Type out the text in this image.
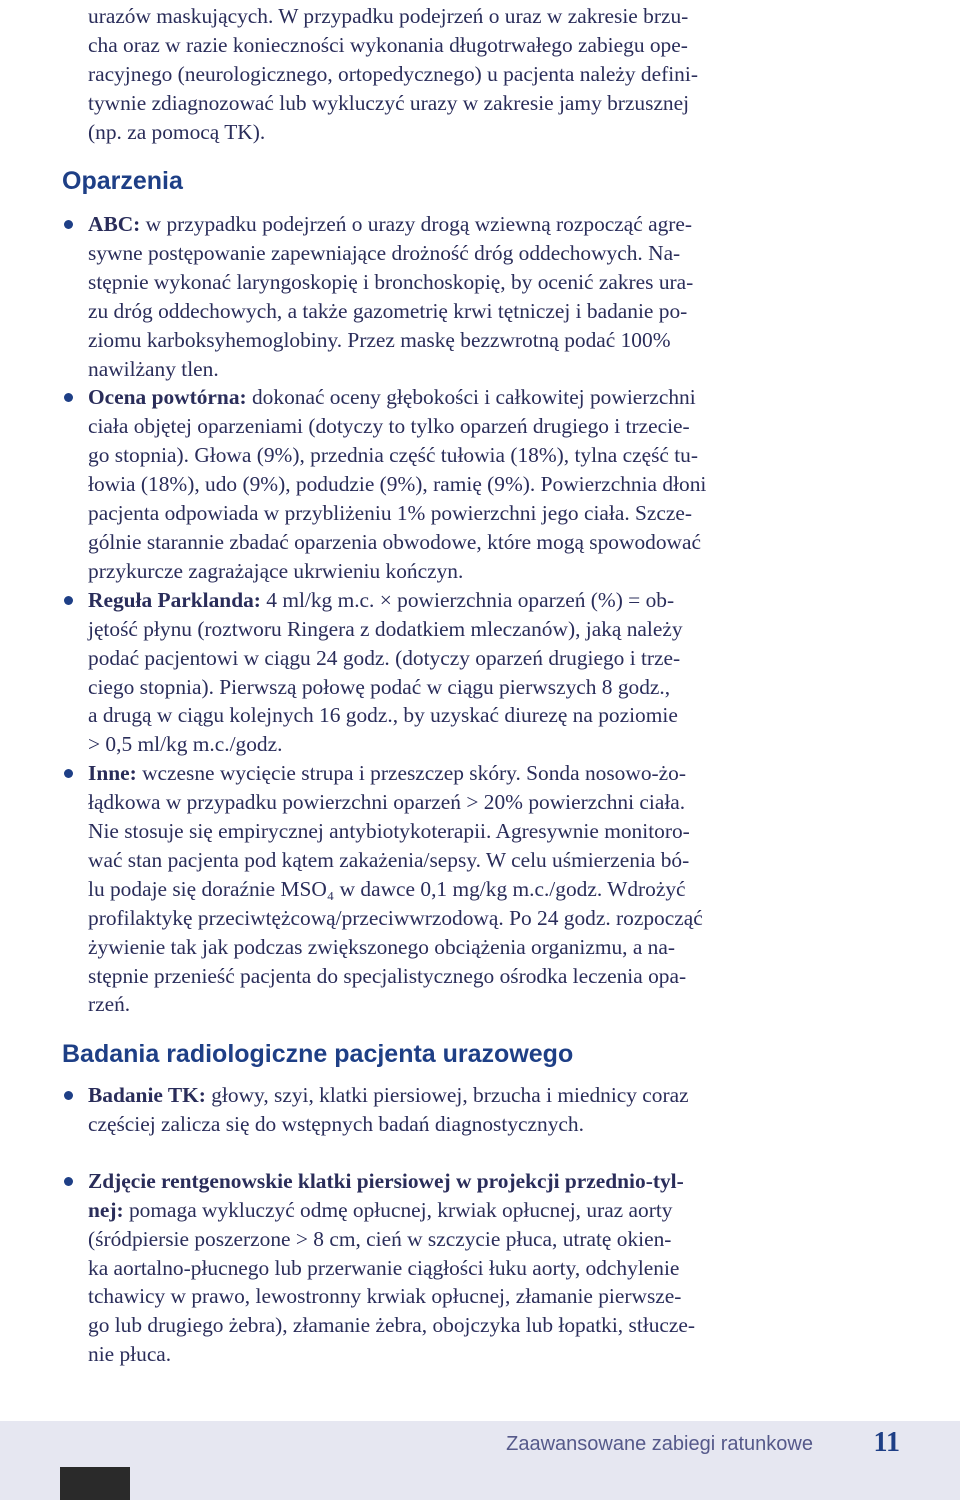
urazów maskujących. W przypadku podejrzeń o uraz w zakresie brzu-
cha oraz w razie konieczności wykonania długotrwałego zabiegu ope-
racyjnego (neurologicznego, ortopedycznego) u pacjenta należy defini-
tywnie zdiagnozować lub wykluczyć urazy w zakresie jamy brzusznej
(np. za pomocą TK).
Oparzenia
ABC: w przypadku podejrzeń o urazy drogą wziewną rozpocząć agre-
sywne postępowanie zapewniające drożność dróg oddechowych. Na-
stępnie wykonać laryngoskopię i bronchoskopię, by ocenić zakres ura-
zu dróg oddechowych, a także gazometrię krwi tętniczej i badanie po-
ziomu karboksyhemoglobiny. Przez maskę bezzwrotną podać 100%
nawilżany tlen.
Ocena powtórna: dokonać oceny głębokości i całkowitej powierzchni
ciała objętej oparzeniami (dotyczy to tylko oparzeń drugiego i trzecie-
go stopnia). Głowa (9%), przednia część tułowia (18%), tylna część tu-
łowia (18%), udo (9%), podudzie (9%), ramię (9%). Powierzchnia dłoni
pacjenta odpowiada w przybliżeniu 1% powierzchni jego ciała. Szcze-
gólnie starannie zbadać oparzenia obwodowe, które mogą spowodować
przykurcze zagrażające ukrwieniu kończyn.
Reguła Parklanda: 4 ml/kg m.c. × powierzchnia oparzeń (%) = ob-
jętość płynu (roztworu Ringera z dodatkiem mleczanów), jaką należy
podać pacjentowi w ciągu 24 godz. (dotyczy oparzeń drugiego i trze-
ciego stopnia). Pierwszą połowę podać w ciągu pierwszych 8 godz.,
a drugą w ciągu kolejnych 16 godz., by uzyskać diurezę na poziomie
> 0,5 ml/kg m.c./godz.
Inne: wczesne wycięcie strupa i przeszczep skóry. Sonda nosowo-żo-
łądkowa w przypadku powierzchni oparzeń > 20% powierzchni ciała.
Nie stosuje się empirycznej antybiotykoterapii. Agresywnie monitoro-
wać stan pacjenta pod kątem zakażenia/sepsy. W celu uśmierzenia bó-
lu podaje się doraźnie MSO₄ w dawce 0,1 mg/kg m.c./godz. Wdrożyć
profilaktykę przeciwtężcową/przeciwwrzodową. Po 24 godz. rozpocząć
żywienie tak jak podczas zwiększonego obciążenia organizmu, a na-
stępnie przenieść pacjenta do specjalistycznego ośrodka leczenia opa-
rzeń.
Badania radiologiczne pacjenta urazowego
Badanie TK: głowy, szyi, klatki piersiowej, brzucha i miednicy coraz
częściej zalicza się do wstępnych badań diagnostycznych.
Zdjęcie rentgenowskie klatki piersiowej w projekcji przednio-tyl-
nej: pomaga wykluczyć odmę opłucnej, krwiak opłucnej, uraz aorty
(śródpiersie poszerzone > 8 cm, cień w szczycie płuca, utratę okien-
ka aortalno-płucnego lub przerwanie ciągłości łuku aorty, odchylenie
tchawicy w prawo, lewostronny krwiak opłucnej, złamanie pierwsze-
go lub drugiego żebra), złamanie żebra, obojczyka lub łopatki, stłucze-
nie płuca.
Zaawansowane zabiegi ratunkowe 11
